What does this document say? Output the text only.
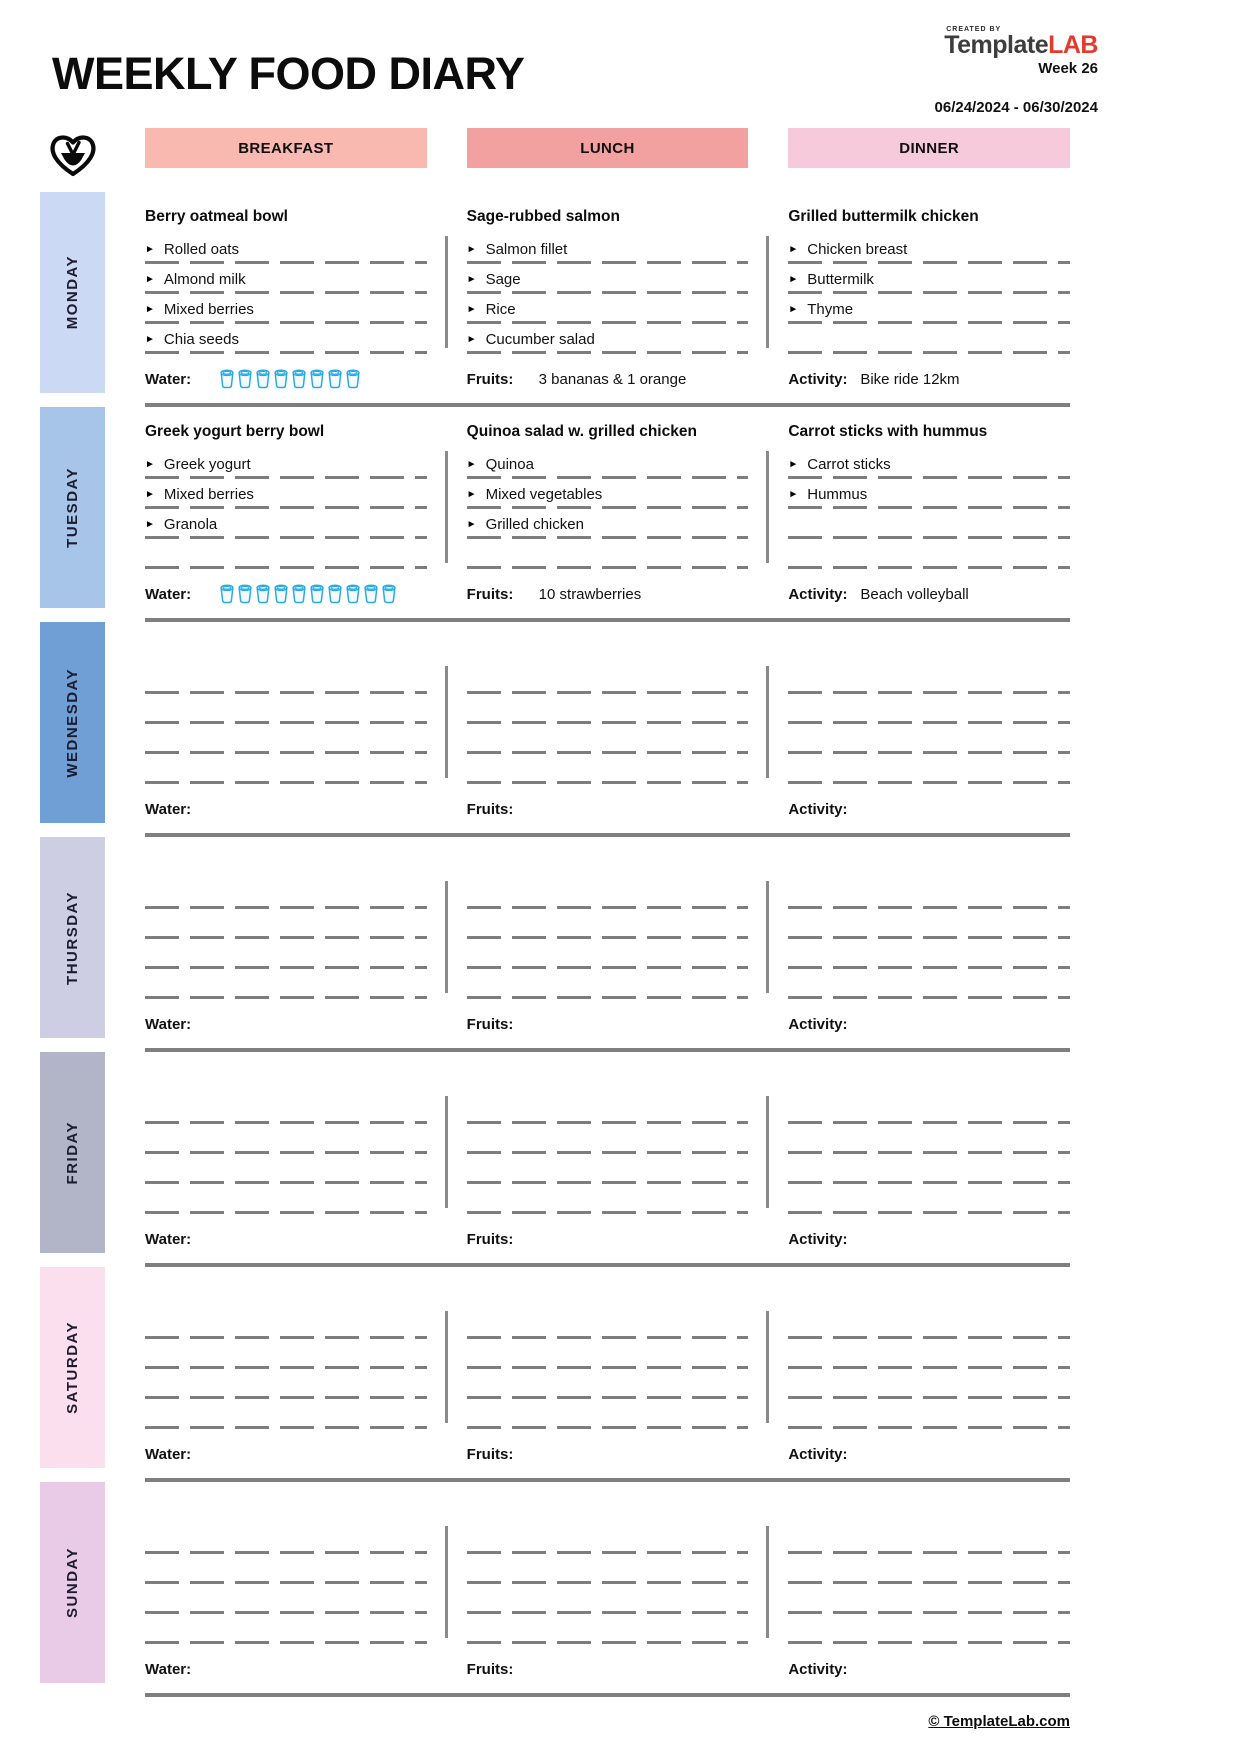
WEEKLY FOOD DIARY
CREATED BY
TemplateLAB
Week 26
06/24/2024 - 06/30/2024
BREAKFAST	LUNCH	DINNER
MONDAY
Berry oatmeal bowl
► Rolled oats
► Almond milk
► Mixed berries
► Chia seeds
Sage-rubbed salmon
► Salmon fillet
► Sage
► Rice
► Cucumber salad
Grilled buttermilk chicken
► Chicken breast
► Buttermilk
► Thyme
Water:	Fruits:	3 bananas & 1 orange	Activity: Bike ride 12km
TUESDAY
Greek yogurt berry bowl
► Greek yogurt
► Mixed berries
► Granola
Quinoa salad w. grilled chicken
► Quinoa
► Mixed vegetables
► Grilled chicken
Carrot sticks with hummus
► Carrot sticks
► Hummus
Water:	Fruits:	10 strawberries	Activity: Beach volleyball
WEDNESDAY
Water:	Fruits:	Activity:
THURSDAY
Water:	Fruits:	Activity:
FRIDAY
Water:	Fruits:	Activity:
SATURDAY
Water:	Fruits:	Activity:
SUNDAY
Water:	Fruits:	Activity:
© TemplateLab.com
